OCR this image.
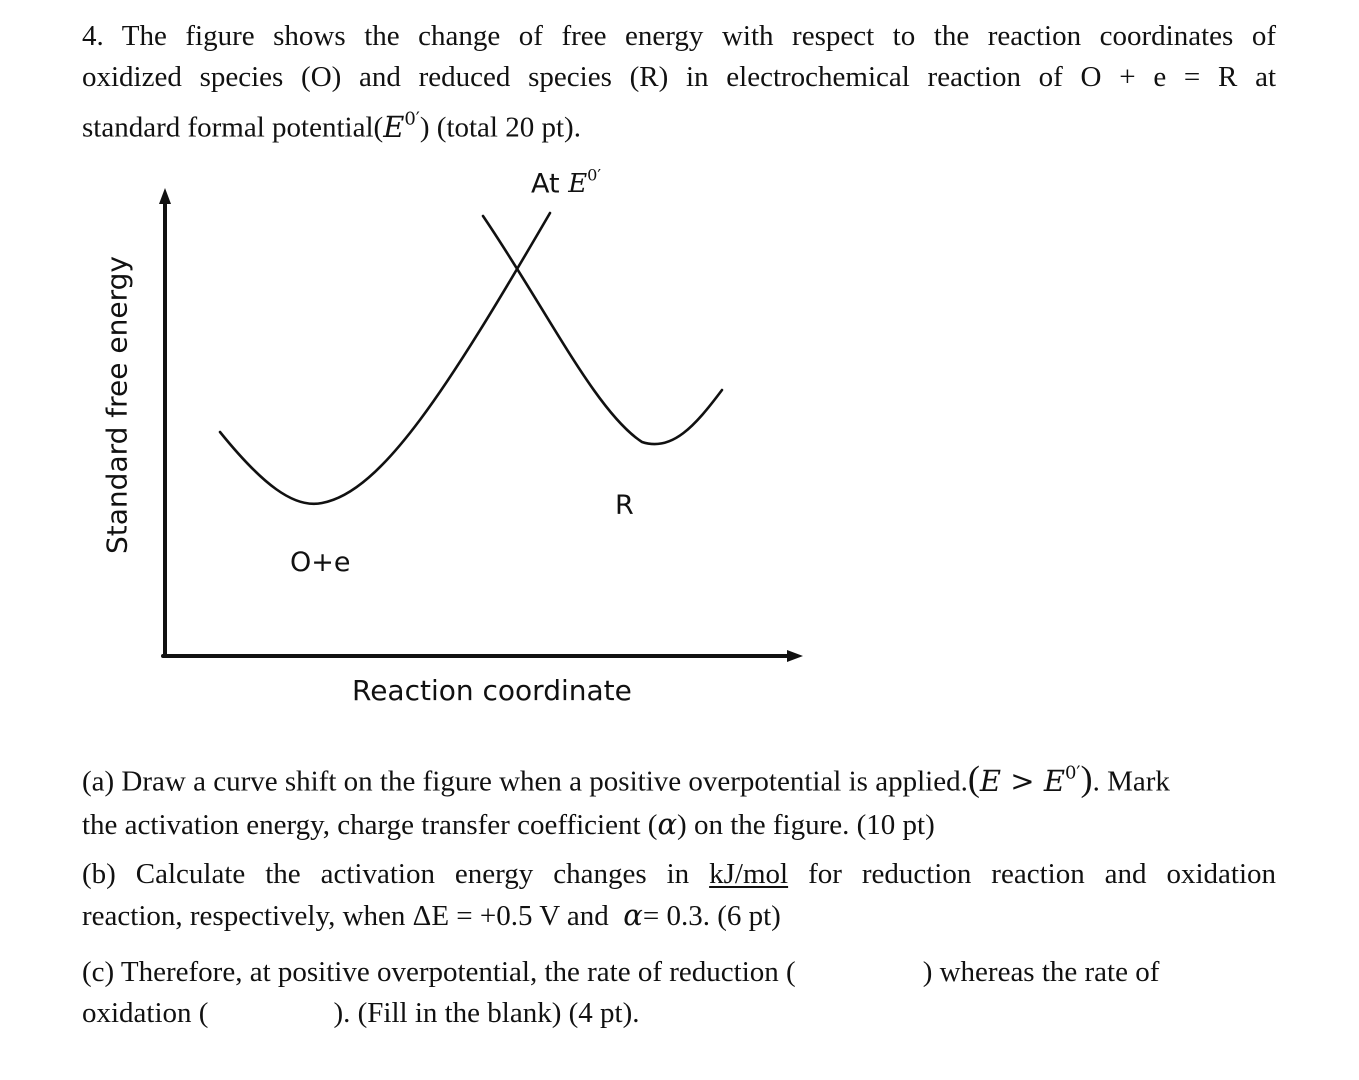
4. The figure shows the change of free energy with respect to the reaction coordinates of
oxidized species (O) and reduced species (R) in electrochemical reaction of O + e = R at
standard formal $potential(E^{0'})$ (total 20 pt).
Standard free energy
Reaction coordinate
O+e
R
At $E^{0'}$
(a) Draw a curve shift on the figure when a positive overpotential is applied.(E > $E^{0'}$). Mark
the activation energy, charge transfer coefficient (α) on the figure. (10 pt)
(b) Calculate the activation energy changes in kJ/mol for reduction reaction and oxidation
reaction, respectively, when ΔE = +0.5 V and α= 0.3. (6 pt)
(c) Therefore, at positive overpotential, the rate of reduction (	) whereas the rate of
oxidation (	). (Fill in the blank) (4 pt).
